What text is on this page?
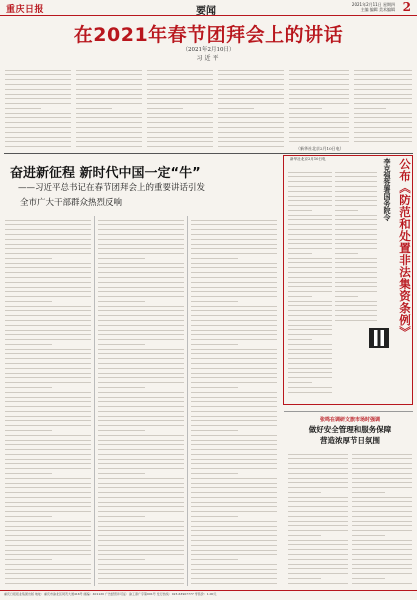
重庆日报	要闻
2021年2月11日 星期四
主编 编辑 美术编辑 2
在2021年春节团拜会上的讲话
（2021年2月10日）
习近平
（新华社北京2月10日电）
奋进新征程 新时代中国一定“牛”
——习近平总书记在春节团拜会上的重要讲话引发
全市广大干部群众热烈反响
新华社北京2月10日电	李克强签署国务院令 公布《防范和处置非法集资条例》
张鸣在调研文旅市场时强调
做好安全管理和服务保障
营造浓厚节日氛围
重庆日报报业集团出版 地址：重庆市渝北区同茂大道416号 邮编：401120 广告经营许可证：渝工商广字第001号 发行热线：023-63907777 零售价：1.00元
